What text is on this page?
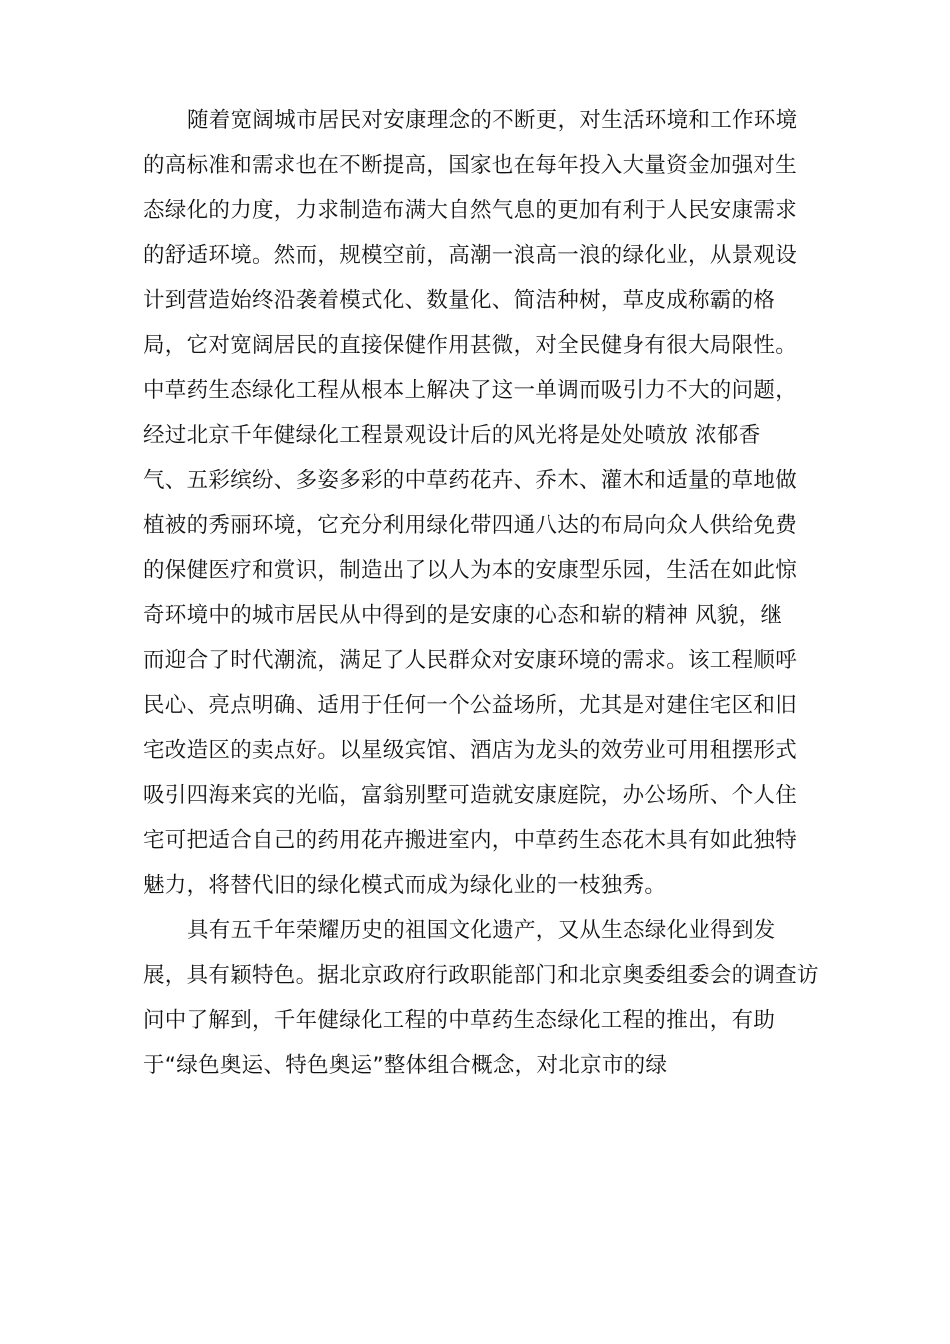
随着宽阔城市居民对安康理念的不断更，对生活环境和工作环境
的高标准和需求也在不断提高，国家也在每年投入大量资金加强对生
态绿化的力度，力求制造布满大自然气息的更加有利于人民安康需求
的舒适环境。然而，规模空前，高潮一浪高一浪的绿化业，从景观设
计到营造始终沿袭着模式化、数量化、简洁种树，草皮成称霸的格
局，它对宽阔居民的直接保健作用甚微，对全民健身有很大局限性。
中草药生态绿化工程从根本上解决了这一单调而吸引力不大的问题，
经过北京千年健绿化工程景观设计后的风光将是处处喷放 浓郁香
气、五彩缤纷、多姿多彩的中草药花卉、乔木、灌木和适量的草地做
植被的秀丽环境，它充分利用绿化带四通八达的布局向众人供给免费
的保健医疗和赏识，制造出了以人为本的安康型乐园，生活在如此惊
奇环境中的城市居民从中得到的是安康的心态和崭的精神 风貌，继
而迎合了时代潮流，满足了人民群众对安康环境的需求。该工程顺呼
民心、亮点明确、适用于任何一个公益场所，尤其是对建住宅区和旧
宅改造区的卖点好。以星级宾馆、酒店为龙头的效劳业可用租摆形式
吸引四海来宾的光临，富翁别墅可造就安康庭院，办公场所、个人住
宅可把适合自己的药用花卉搬进室内，中草药生态花木具有如此独特
魅力，将替代旧的绿化模式而成为绿化业的一枝独秀。
具有五千年荣耀历史的祖国文化遗产，又从生态绿化业得到发
展，具有颖特色。据北京政府行政职能部门和北京奥委组委会的调查访
问中了解到，千年健绿化工程的中草药生态绿化工程的推出，有助
于“绿色奥运、特色奥运”整体组合概念，对北京市的绿
